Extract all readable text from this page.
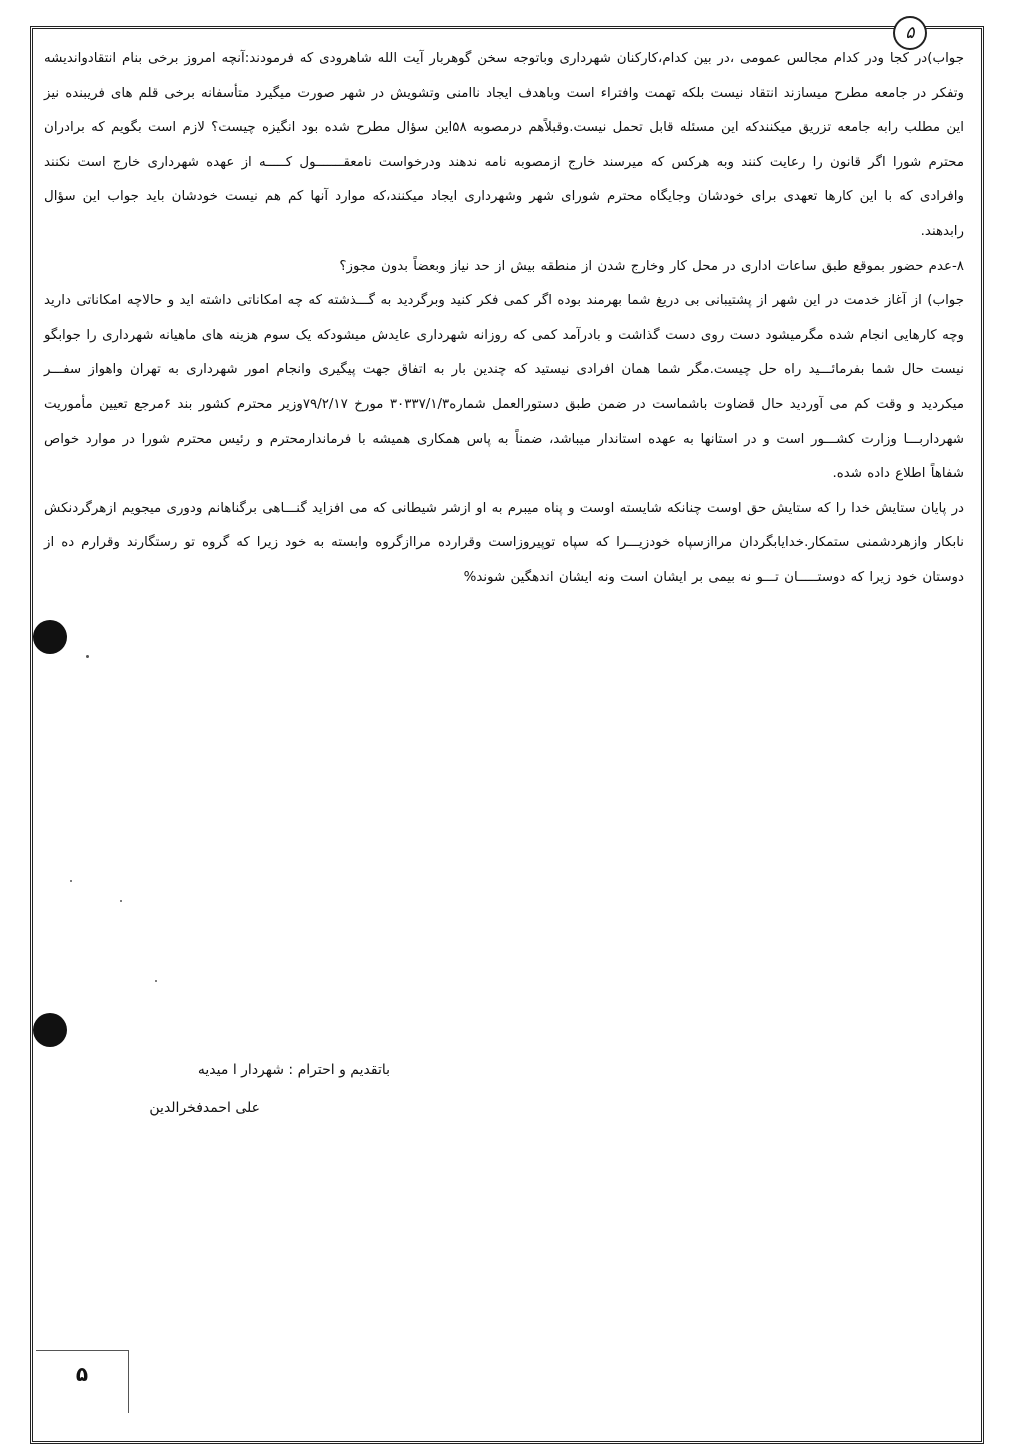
۵

جواب)در کجا ودر کدام مجالس عمومی ،در بین کدام،کارکنان شهرداری وباتوجه سخن گوهربار آیت الله شاهرودی که فرمودند:آنچه امروز برخی بنام انتقادواندیشه وتفکر در جامعه مطرح میسازند انتقاد نیست بلکه تهمت وافتراء است وباهدف ایجاد ناامنی وتشویش در شهر صورت میگیرد متأسفانه برخی قلم های فریبنده نیز این مطلب رابه جامعه تزریق میکنندکه این مسئله قابل تحمل نیست.وقبلاًهم درمصوبه ۵۸این سؤال مطرح شده بود انگیزه چیست؟ لازم است بگویم که برادران محترم شورا اگر قانون را رعایت کنند وبه هرکس که میرسند خارج ازمصوبه نامه ندهند ودرخواست نامعقـــــــول کـــــه از عهده شهرداری خارج است نکنند وافرادی که با این کارها تعهدی برای خودشان وجایگاه محترم شورای شهر وشهرداری ایجاد میکنند،که موارد آنها کم هم نیست خودشان باید جواب این سؤال رابدهند.

۸-عدم حضور بموقع طبق ساعات اداری در محل کار وخارج شدن از منطقه بیش از حد نیاز وبعضاً بدون مجوز؟

جواب) از آغاز خدمت در این شهر از پشتیبانی بی دریغ شما بهرمند بوده اگر کمی فکر کنید وبرگردید به گـــذشته که چه امکاناتی داشته اید و حالاچه امکاناتی دارید وچه کارهایی انجام شده مگرمیشود دست روی دست گذاشت و بادرآمد کمی که روزانه شهرداری عایدش میشودکه یک سوم هزینه های ماهیانه شهرداری را جوابگو نیست حال شما بفرمائـــید راه حل چیست.مگر شما همان افرادی نیستید که چندین بار به اتفاق جهت پیگیری وانجام امور شهرداری به تهران واهواز سفـــر میکردید و وقت کم می آوردید حال قضاوت باشماست در ضمن طبق دستورالعمل شماره۳۰۳۳۷/۱/۳ مورخ ۷۹/۲/۱۷وزیر محترم کشور بند ۶مرجع تعیین مأموریت شهرداربـــا وزارت کشـــور است و در استانها به عهده استاندار میباشد، ضمناً به پاس همکاری همیشه با فرماندارمحترم و رئیس محترم شورا در موارد خواص شفاهاً اطلاع داده شده.

در پایان ستایش خدا را که ستایش حق اوست چنانکه شایسته اوست و پناه میبرم به او ازشر شیطانی که می افزاید گنـــاهی برگناهانم ودوری میجویم ازهرگردنکش نابکار وازهردشمنی ستمکار.خدایابگردان مراازسپاه خودزیـــرا که سپاه توپیروزاست وقرارده مراازگروه وابسته به خود زیرا که گروه تو رستگارند وقرارم ده از دوستان خود زیرا که دوستـــــان تـــو نه بیمی بر ایشان است ونه ایشان اندهگین شوند%

باتقدیم و احترام : شهردار ا میدیه
علی احمدفخرالدین
۵
